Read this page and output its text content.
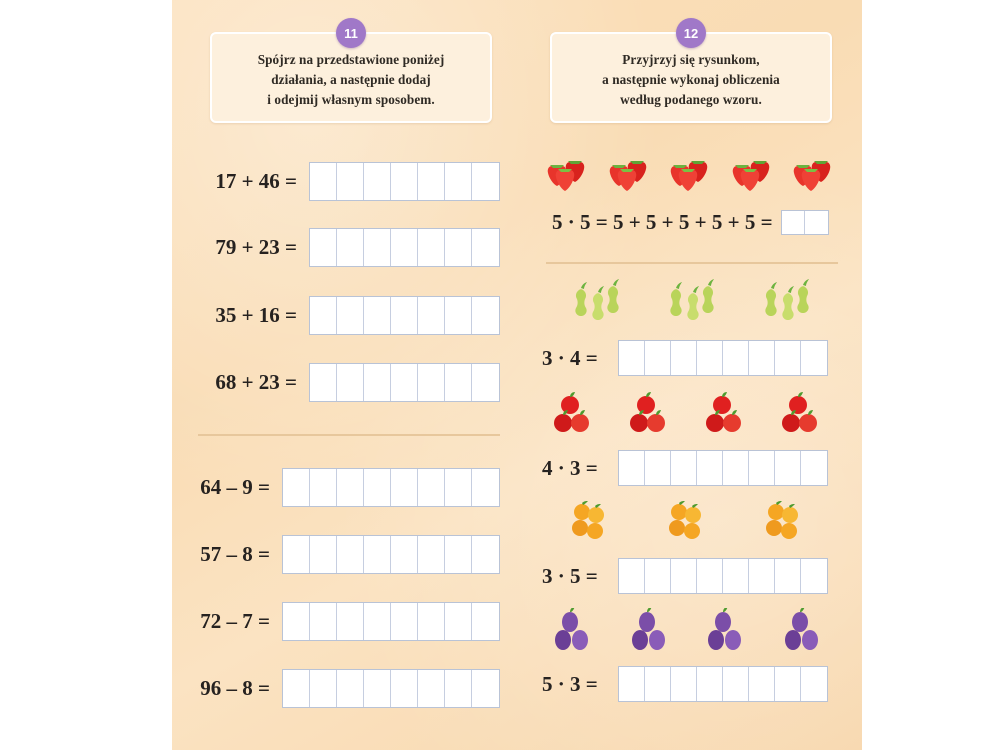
11

Spójrz na przedstawione poniżej

działania, a następnie dodaj

i odejmij własnym sposobem.

17 + 46 =
79 + 23 =
35 + 16 =
68 + 23 =
64 – 9 =
57 – 8 =
72 – 7 =
96 – 8 =
12

Przyjrzyj się rysunkom,

a następnie wykonaj obliczenia

według podanego wzoru.

5 · 5 = 5 + 5 + 5 + 5 + 5 =
3 · 4 =
4 · 3 =
3 · 5 =
5 · 3 =
